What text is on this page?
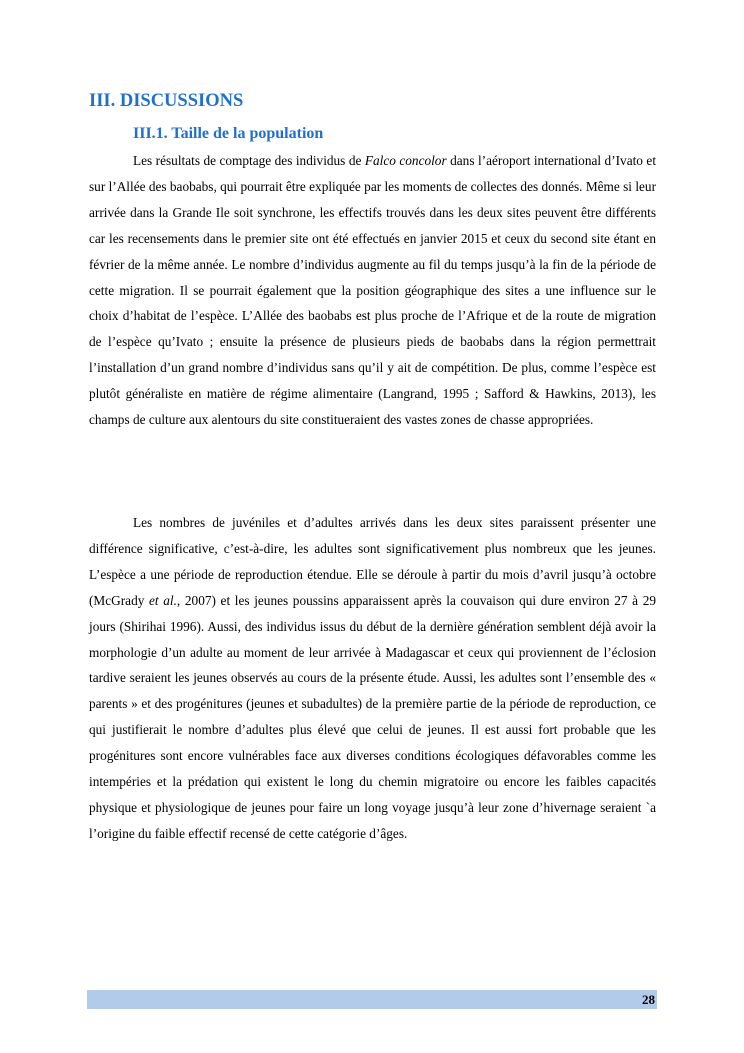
III. DISCUSSIONS
III.1. Taille de la population

Les résultats de comptage des individus de Falco concolor dans l’aéroport international d’Ivato et sur l’Allée des baobabs, qui pourrait être expliquée par les moments de collectes des donnés. Même si leur arrivée dans la Grande Ile soit synchrone, les effectifs trouvés dans les deux sites peuvent être différents car les recensements dans le premier site ont été effectués en janvier 2015 et ceux du second site étant en février de la même année. Le nombre d’individus augmente au fil du temps jusqu’à la fin de la période de cette migration. Il se pourrait également que la position géographique des sites a une influence sur le choix d’habitat de l’espèce. L’Allée des baobabs est plus proche de l’Afrique et de la route de migration de l’espèce qu’Ivato ; ensuite la présence de plusieurs pieds de baobabs dans la région permettrait l’installation d’un grand nombre d’individus sans qu’il y ait de compétition. De plus, comme l’espèce est plutôt généraliste en matière de régime alimentaire (Langrand, 1995 ; Safford & Hawkins, 2013), les champs de culture aux alentours du site constitueraient des vastes zones de chasse appropriées.

Les nombres de juvéniles et d’adultes arrivés dans les deux sites paraissent présenter une différence significative, c’est-à-dire, les adultes sont significativement plus nombreux que les jeunes. L’espèce a une période de reproduction étendue. Elle se déroule à partir du mois d’avril jusqu’à octobre (McGrady et al., 2007) et les jeunes poussins apparaissent après la couvaison qui dure environ 27 à 29 jours (Shirihai 1996). Aussi, des individus issus du début de la dernière génération semblent déjà avoir la morphologie d’un adulte au moment de leur arrivée à Madagascar et ceux qui proviennent de l’éclosion tardive seraient les jeunes observés au cours de la présente étude. Aussi, les adultes sont l’ensemble des « parents » et des progénitures (jeunes et subadultes) de la première partie de la période de reproduction, ce qui justifierait le nombre d’adultes plus élevé que celui de jeunes. Il est aussi fort probable que les progénitures sont encore vulnérables face aux diverses conditions écologiques défavorables comme les intempéries et la prédation qui existent le long du chemin migratoire ou encore les faibles capacités physique et physiologique de jeunes pour faire un long voyage jusqu’à leur zone d’hivernage seraient `a l’origine du faible effectif recensé de cette catégorie d’âges.

28
